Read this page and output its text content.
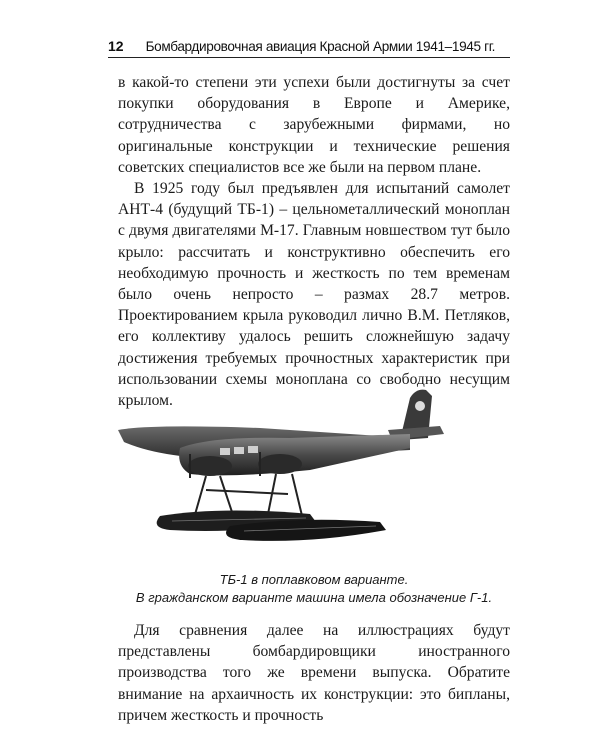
12 Бомбардировочная авиация Красной Армии 1941–1945 гг.

в какой-то степени эти успехи были достигнуты за счет покупки оборудования в Европе и Америке, сотрудничества с зарубежными фирмами, но оригинальные конструкции и технические решения советских специалистов все же были на первом плане.

В 1925 году был предъявлен для испытаний самолет АНТ-4 (будущий ТБ-1) – цельнометаллический моноплан с двумя двигателями М-17. Главным новшеством тут было крыло: рассчитать и конструктивно обеспечить его необходимую прочность и жесткость по тем временам было очень непросто – размах 28.7 метров. Проектированием крыла руководил лично В.М. Петляков, его коллективу удалось решить сложнейшую задачу достижения требуемых прочностных характеристик при использовании схемы моноплана со свободно несущим крылом.

ТБ-1 в поплавковом варианте.
В гражданском варианте машина имела обозначение Г-1.

Для сравнения далее на иллюстрациях будут представлены бомбардировщики иностранного производства того же времени выпуска. Обратите внимание на архаичность их конструкции: это бипланы, причем жесткость и прочность
